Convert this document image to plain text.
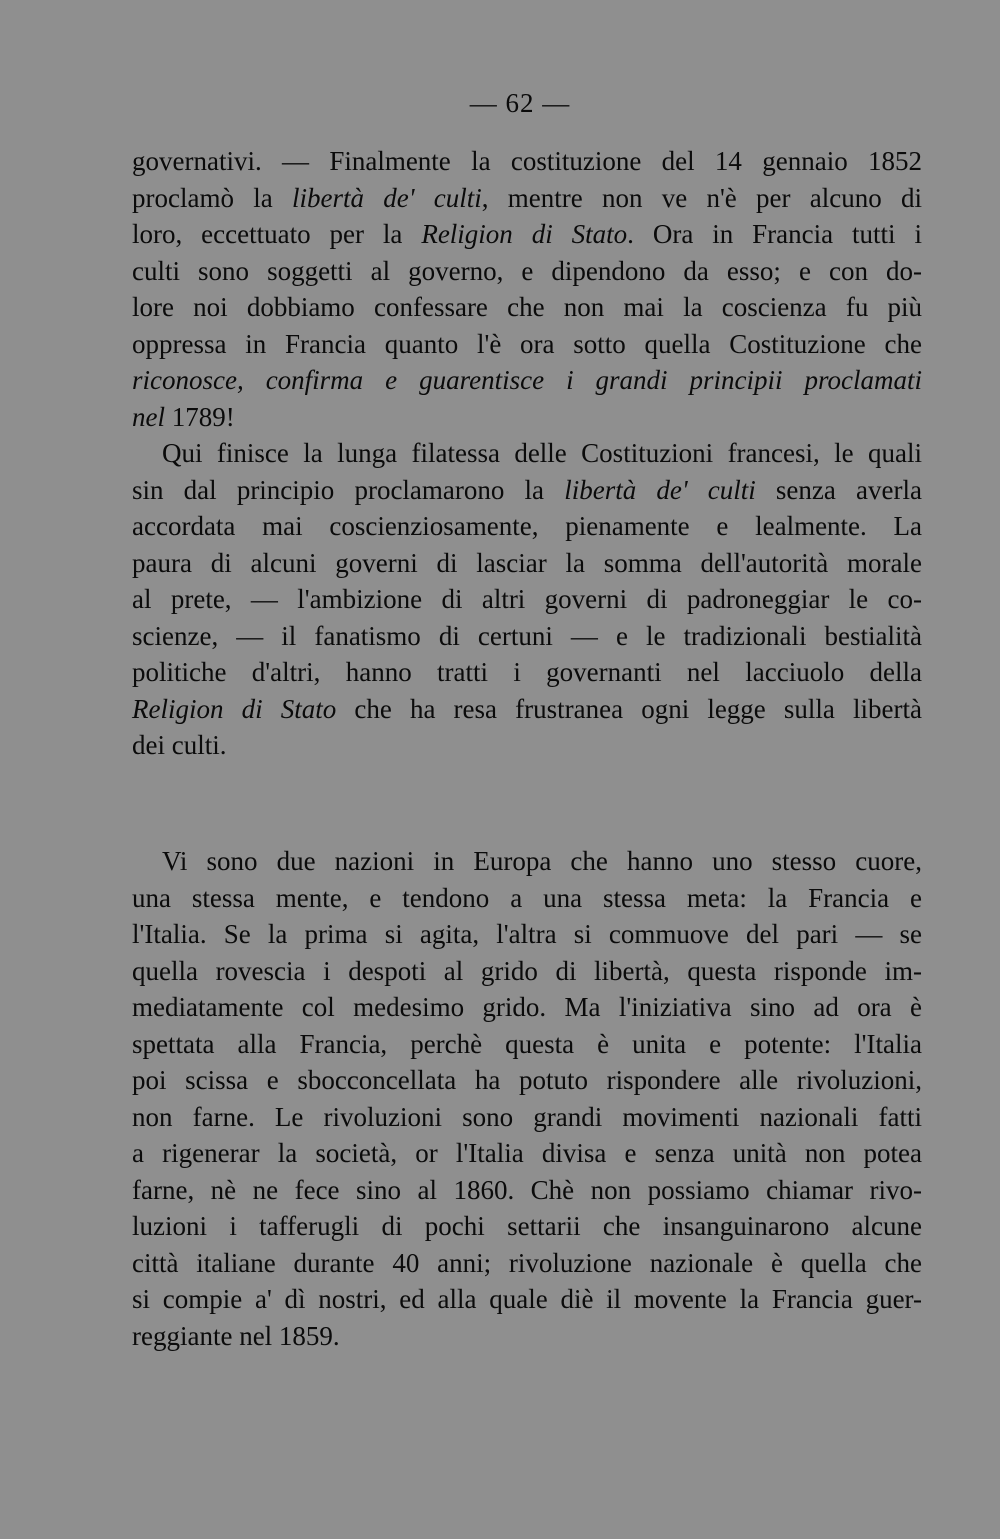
— 62 —
governativi. — Finalmente la costituzione del 14 gennaio 1852
proclamò la libertà de' culti, mentre non ve n'è per alcuno di
loro, eccettuato per la Religion di Stato. Ora in Francia tutti i
culti sono soggetti al governo, e dipendono da esso; e con do-
lore noi dobbiamo confessare che non mai la coscienza fu più
oppressa in Francia quanto l'è ora sotto quella Costituzione che
riconosce, confirma e guarentisce i grandi principii proclamati
nel 1789!
Qui finisce la lunga filatessa delle Costituzioni francesi, le quali
sin dal principio proclamarono la libertà de' culti senza averla
accordata mai coscienziosamente, pienamente e lealmente. La
paura di alcuni governi di lasciar la somma dell'autorità morale
al prete, — l'ambizione di altri governi di padroneggiar le co-
scienze, — il fanatismo di certuni — e le tradizionali bestialità
politiche d'altri, hanno tratti i governanti nel lacciuolo della
Religion di Stato che ha resa frustranea ogni legge sulla libertà
dei culti.
Vi sono due nazioni in Europa che hanno uno stesso cuore,
una stessa mente, e tendono a una stessa meta: la Francia e
l'Italia. Se la prima si agita, l'altra si commuove del pari — se
quella rovescia i despoti al grido di libertà, questa risponde im-
mediatamente col medesimo grido. Ma l'iniziativa sino ad ora è
spettata alla Francia, perchè questa è unita e potente: l'Italia
poi scissa e sbocconcellata ha potuto rispondere alle rivoluzioni,
non farne. Le rivoluzioni sono grandi movimenti nazionali fatti
a rigenerar la società, or l'Italia divisa e senza unità non potea
farne, nè ne fece sino al 1860. Chè non possiamo chiamar rivo-
luzioni i tafferugli di pochi settarii che insanguinarono alcune
città italiane durante 40 anni; rivoluzione nazionale è quella che
si compie a' dì nostri, ed alla quale diè il movente la Francia guer-
reggiante nel 1859.
